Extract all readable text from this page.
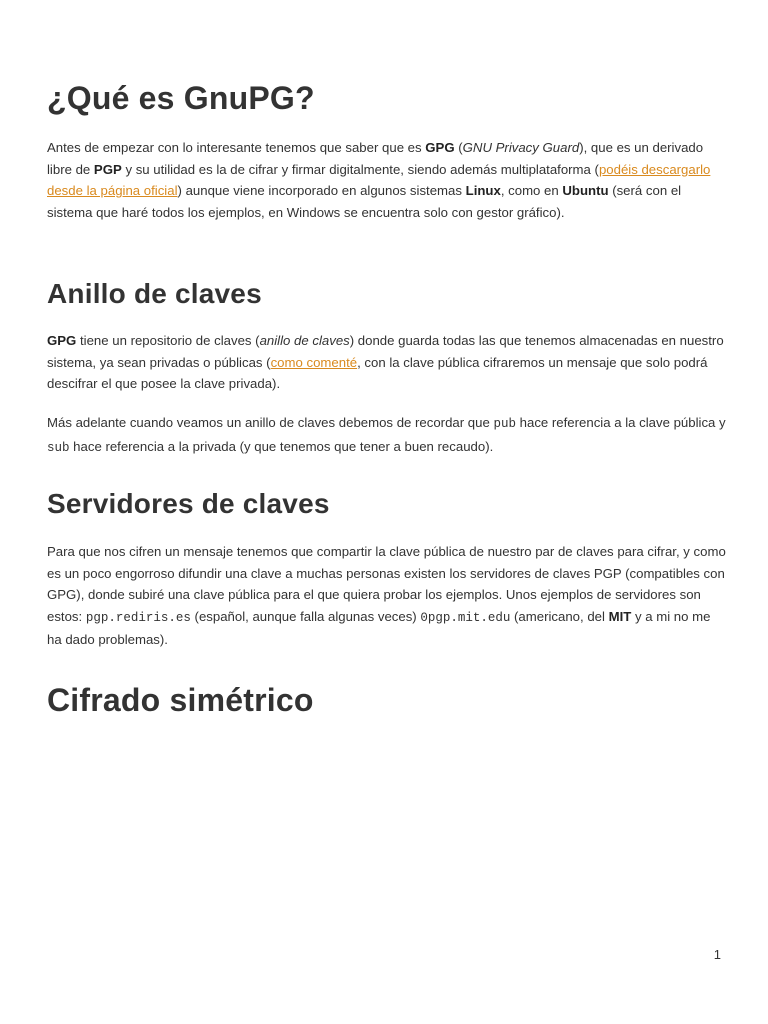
¿Qué es GnuPG?

Antes de empezar con lo interesante tenemos que saber que es GPG (GNU Privacy Guard), que es un derivado libre de PGP y su utilidad es la de cifrar y firmar digitalmente, siendo además multiplataforma (podéis descargarlo desde la página oficial) aunque viene incorporado en algunos sistemas Linux, como en Ubuntu (será con el sistema que haré todos los ejemplos, en Windows se encuentra solo con gestor gráfico).

Anillo de claves

GPG tiene un repositorio de claves (anillo de claves) donde guarda todas las que tenemos almacenadas en nuestro sistema, ya sean privadas o públicas (como comenté, con la clave pública cifraremos un mensaje que solo podrá descifrar el que posee la clave privada).

Más adelante cuando veamos un anillo de claves debemos de recordar que pub hace referencia a la clave pública y sub hace referencia a la privada (y que tenemos que tener a buen recaudo).

Servidores de claves

Para que nos cifren un mensaje tenemos que compartir la clave pública de nuestro par de claves para cifrar, y como es un poco engorroso difundir una clave a muchas personas existen los servidores de claves PGP (compatibles con GPG), donde subiré una clave pública para el que quiera probar los ejemplos. Unos ejemplos de servidores son estos: pgp.rediris.es (español, aunque falla algunas veces) 0pgp.mit.edu (americano, del MIT y a mi no me ha dado problemas).

Cifrado simétrico
1
